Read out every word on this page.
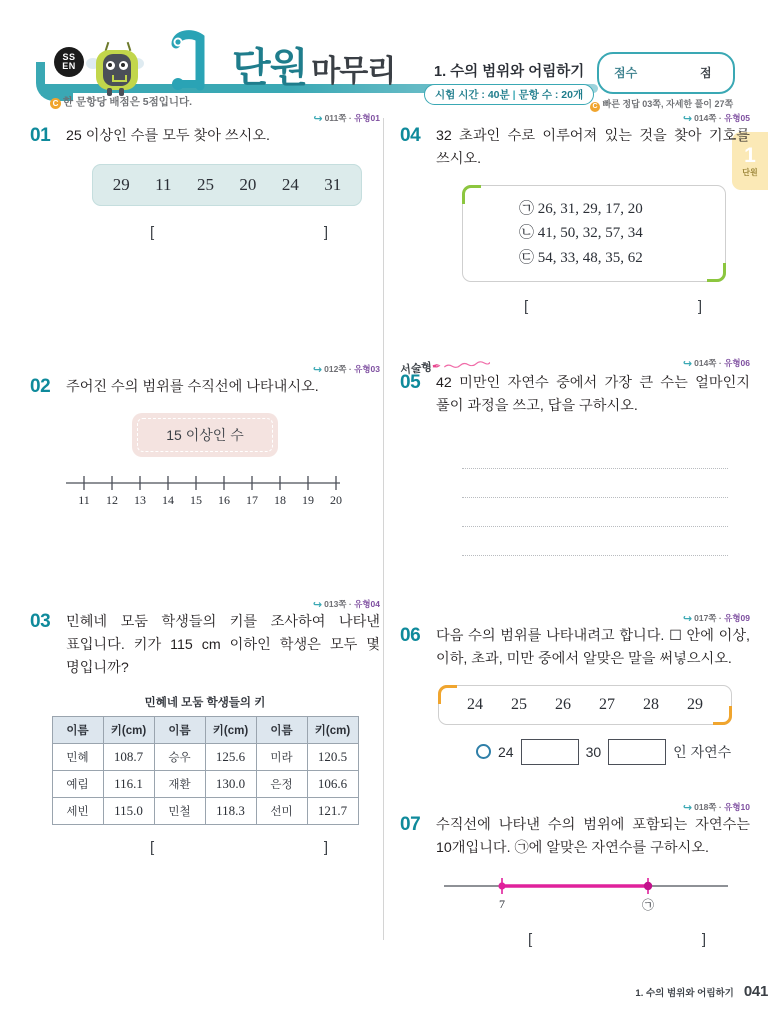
SS
EN	단원 마무리
C 한 문항당 배점은 5점입니다.
1. 수의 범위와 어림하기
시험 시간 : 40분 | 문항 수 : 20개
점수	점
C 빠른 정답 03쪽, 자세한 풀이 27쪽
1
단원
↪ 011쪽 · 유형01
01	25 이상인 수를 모두 찾아 쓰시오.
29 11 25 20 24 31
[	]
↪ 012쪽 · 유형03
02	주어진 수의 범위를 수직선에 나타내시오.
15 이상인 수
11 12 13 14 15 16 17 18 19 20
↪ 013쪽 · 유형04
03	민혜네 모둠 학생들의 키를 조사하여 나타낸 표입니다. 키가 115 cm 이하인 학생은 모두 몇 명입니까?
민혜네 모둠 학생들의 키
이름	키(cm)	이름	키(cm)	이름	키(cm)
민혜	108.7	승우	125.6	미라	120.5
예림	116.1	재환	130.0	은정	106.6
세빈	115.0	민철	118.3	선미	121.7
[	]
↪ 014쪽 · 유형05
04	32 초과인 수로 이루어져 있는 것을 찾아 기호를 쓰시오.
㉠ 26, 31, 29, 17, 20
㉡ 41, 50, 32, 57, 34
㉢ 54, 33, 48, 35, 62
[	]
서술형✒	↪ 014쪽 · 유형06
05	42 미만인 자연수 중에서 가장 큰 수는 얼마인지 풀이 과정을 쓰고, 답을 구하시오.
↪ 017쪽 · 유형09
06	다음 수의 범위를 나타내려고 합니다. ☐ 안에 이상, 이하, 초과, 미만 중에서 알맞은 말을 써넣으시오.
24 25 26 27 28 29
24	30	인 자연수
↪ 018쪽 · 유형10
07	수직선에 나타낸 수의 범위에 포함되는 자연수는 10개입니다. ㉠에 알맞은 자연수를 구하시오.
7	㉠
[	]
1. 수의 범위와 어림하기 041
